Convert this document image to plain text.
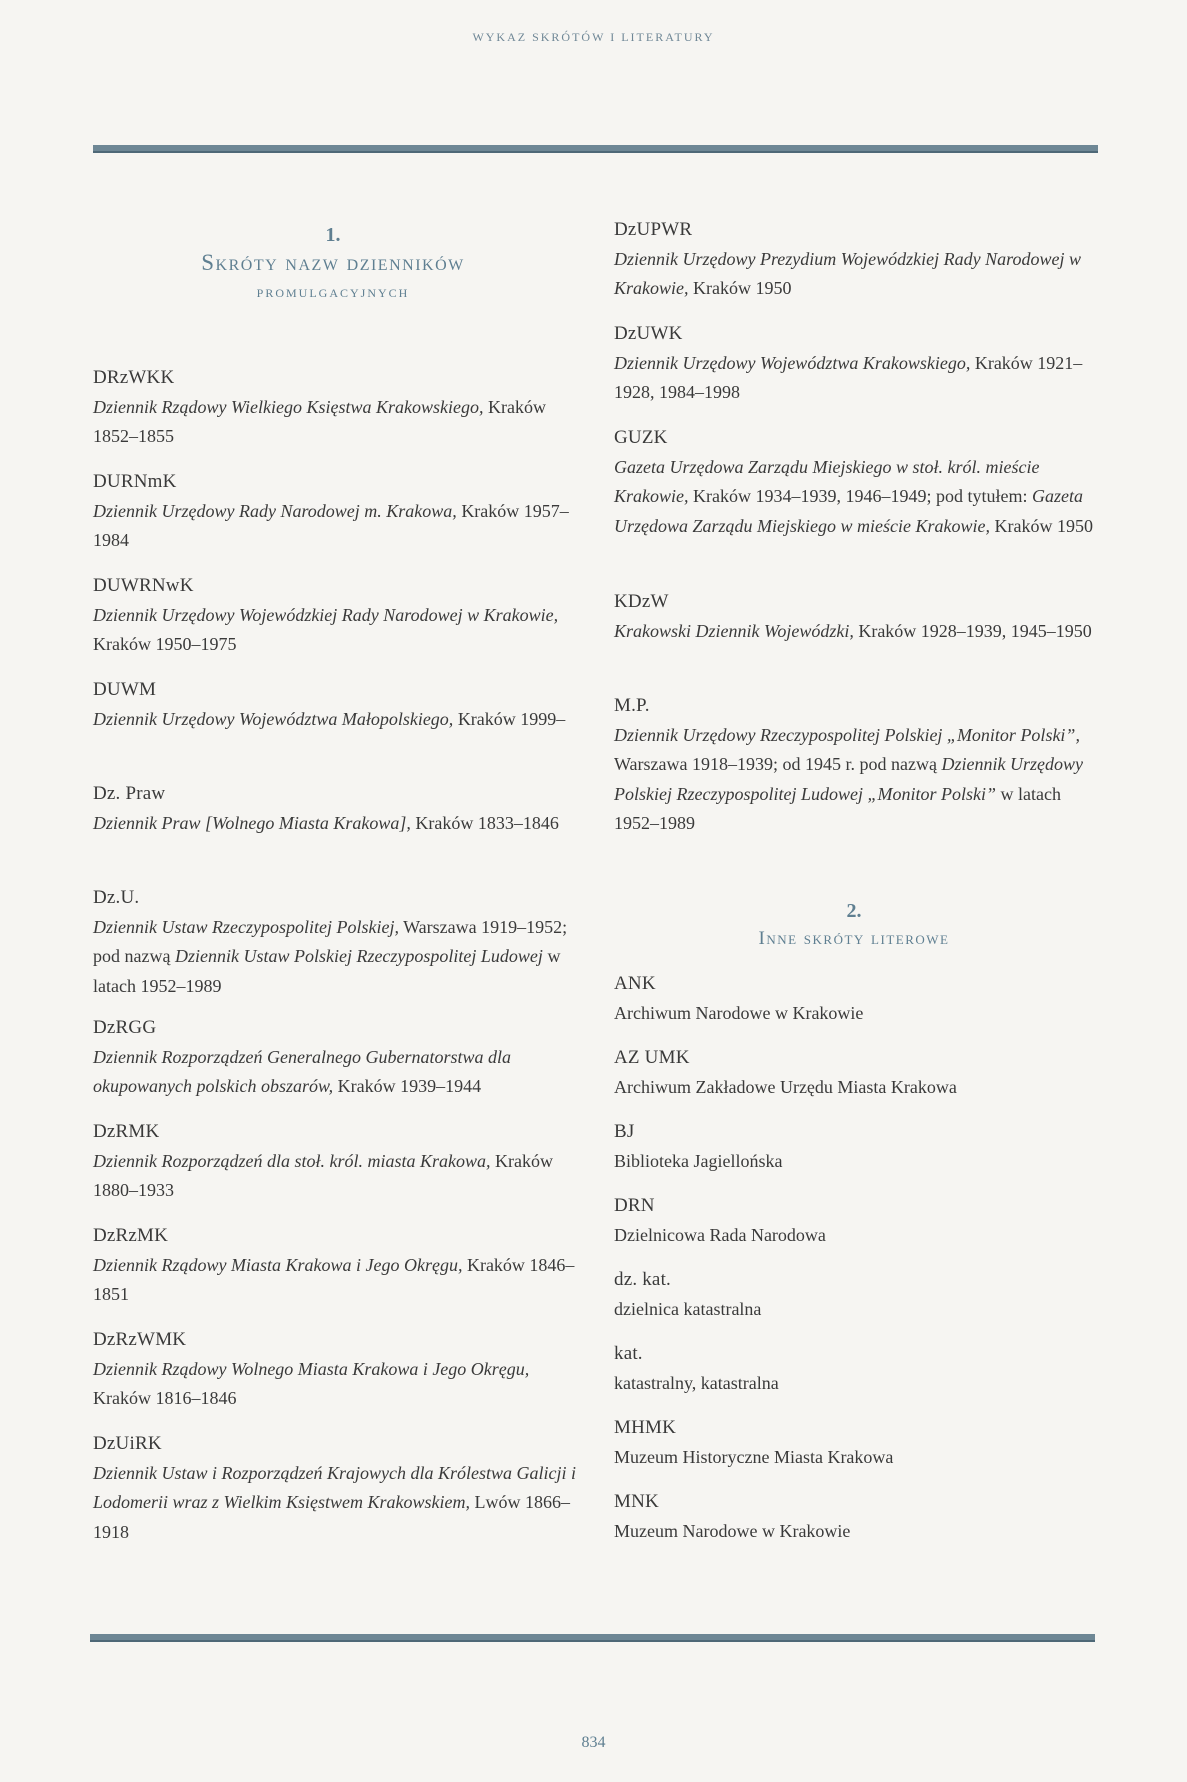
WYKAZ SKRÓTÓW I LITERATURY
1.
Skróty nazw dzienników
promulgacyjnych
DRzWKK
Dziennik Rządowy Wielkiego Księstwa Krakowskiego, Kraków 1852–1855
DURNmK
Dziennik Urzędowy Rady Narodowej m. Krakowa, Kraków 1957–1984
DUWRNwK
Dziennik Urzędowy Wojewódzkiej Rady Narodowej w Krakowie, Kraków 1950–1975
DUWM
Dziennik Urzędowy Województwa Małopolskiego, Kraków 1999–
Dz. Praw
Dziennik Praw [Wolnego Miasta Krakowa], Kraków 1833–1846
Dz.U.
Dziennik Ustaw Rzeczypospolitej Polskiej, Warszawa 1919–1952; pod nazwą Dziennik Ustaw Polskiej Rzeczypospolitej Ludowej w latach 1952–1989
DzRGG
Dziennik Rozporządzeń Generalnego Gubernatorstwa dla okupowanych polskich obszarów, Kraków 1939–1944
DzRMK
Dziennik Rozporządzeń dla stoł. król. miasta Krakowa, Kraków 1880–1933
DzRzMK
Dziennik Rządowy Miasta Krakowa i Jego Okręgu, Kraków 1846–1851
DzRzWMK
Dziennik Rządowy Wolnego Miasta Krakowa i Jego Okręgu, Kraków 1816–1846
DzUiRK
Dziennik Ustaw i Rozporządzeń Krajowych dla Królestwa Galicji i Lodomerii wraz z Wielkim Księstwem Krakowskiem, Lwów 1866–1918
DzUPWR
Dziennik Urzędowy Prezydium Wojewódzkiej Rady Narodowej w Krakowie, Kraków 1950
DzUWK
Dziennik Urzędowy Województwa Krakowskiego, Kraków 1921–1928, 1984–1998
GUZK
Gazeta Urzędowa Zarządu Miejskiego w stoł. król. mieście Krakowie, Kraków 1934–1939, 1946–1949; pod tytułem: Gazeta Urzędowa Zarządu Miejskiego w mieście Krakowie, Kraków 1950
KDzW
Krakowski Dziennik Wojewódzki, Kraków 1928–1939, 1945–1950
M.P.
Dziennik Urzędowy Rzeczypospolitej Polskiej „Monitor Polski”, Warszawa 1918–1939; od 1945 r. pod nazwą Dziennik Urzędowy Polskiej Rzeczypospolitej Ludowej „Monitor Polski” w latach 1952–1989
2.
Inne skróty literowe
ANK
Archiwum Narodowe w Krakowie
AZ UMK
Archiwum Zakładowe Urzędu Miasta Krakowa
BJ
Biblioteka Jagiellońska
DRN
Dzielnicowa Rada Narodowa
dz. kat.
dzielnica katastralna
kat.
katastralny, katastralna
MHMK
Muzeum Historyczne Miasta Krakowa
MNK
Muzeum Narodowe w Krakowie
834
